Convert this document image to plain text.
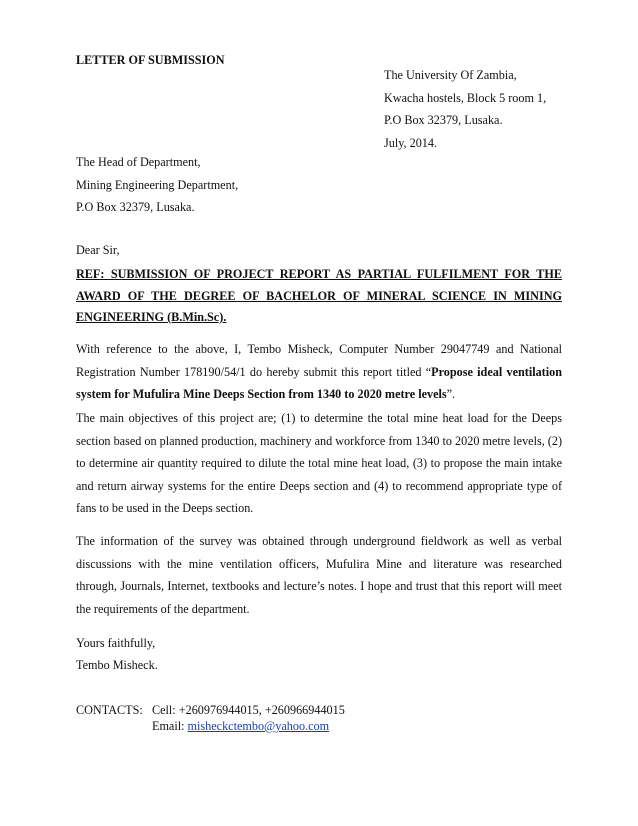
LETTER OF SUBMISSION
The University Of Zambia,
Kwacha hostels, Block 5 room 1,
P.O Box 32379, Lusaka.
July, 2014.
The Head of Department,
Mining Engineering Department,
P.O Box 32379, Lusaka.
Dear Sir,
REF: SUBMISSION OF PROJECT REPORT AS PARTIAL FULFILMENT FOR THE AWARD OF THE DEGREE OF BACHELOR OF MINERAL SCIENCE IN MINING ENGINEERING (B.Min.Sc).
With reference to the above, I, Tembo Misheck, Computer Number 29047749 and National Registration Number 178190/54/1 do hereby submit this report titled “Propose ideal ventilation system for Mufulira Mine Deeps Section from 1340 to 2020 metre levels”.
The main objectives of this project are; (1) to determine the total mine heat load for the Deeps section based on planned production, machinery and workforce from 1340 to 2020 metre levels, (2) to determine air quantity required to dilute the total mine heat load, (3) to propose the main intake and return airway systems for the entire Deeps section and (4) to recommend appropriate type of fans to be used in the Deeps section.
The information of the survey was obtained through underground fieldwork as well as verbal discussions with the mine ventilation officers, Mufulira Mine and literature was researched through, Journals, Internet, textbooks and lecture’s notes. I hope and trust that this report will meet the requirements of the department.
Yours faithfully,
Tembo Misheck.
CONTACTS: Cell: +260976944015, +260966944015
Email: misheckctembo@yahoo.com
